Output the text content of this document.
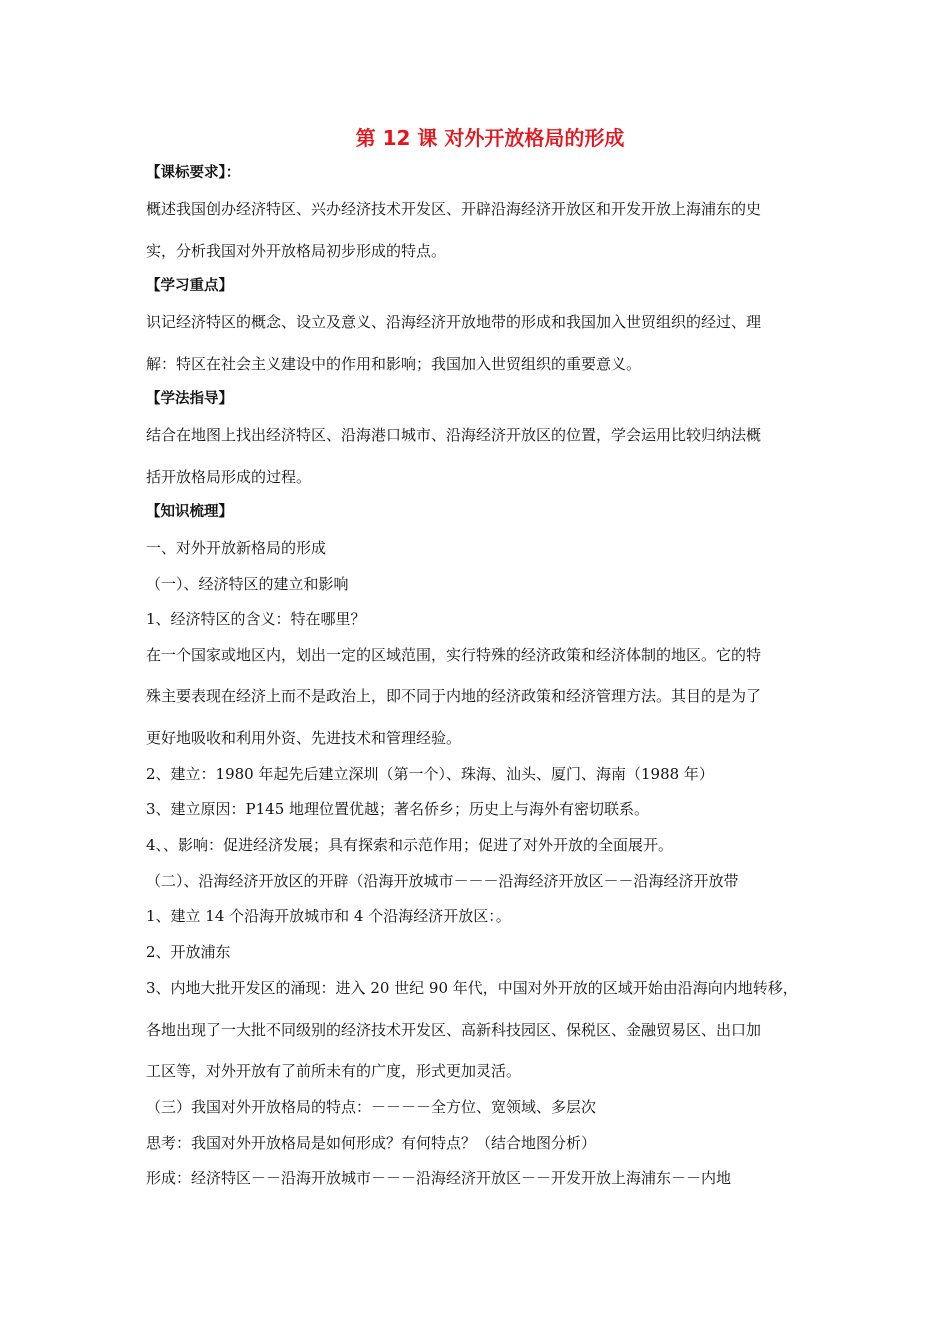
第 12 课 对外开放格局的形成
【课标要求】：
概述我国创办经济特区、兴办经济技术开发区、开辟沿海经济开放区和开发开放上海浦东的史
实，分析我国对外开放格局初步形成的特点。
【学习重点】
识记经济特区的概念、设立及意义、沿海经济开放地带的形成和我国加入世贸组织的经过、理
解：特区在社会主义建设中的作用和影响；我国加入世贸组织的重要意义。
【学法指导】
结合在地图上找出经济特区、沿海港口城市、沿海经济开放区的位置，学会运用比较归纳法概
括开放格局形成的过程。
【知识梳理】
一、对外开放新格局的形成
（一）、经济特区的建立和影响
1、经济特区的含义：特在哪里？
在一个国家或地区内，划出一定的区域范围，实行特殊的经济政策和经济体制的地区。它的特
殊主要表现在经济上而不是政治上，即不同于内地的经济政策和经济管理方法。其目的是为了
更好地吸收和利用外资、先进技术和管理经验。
2、建立：1980 年起先后建立深圳（第一个）、珠海、汕头、厦门、海南（1988 年）
3、建立原因：P145 地理位置优越；著名侨乡；历史上与海外有密切联系。
4、、影响：促进经济发展；具有探索和示范作用；促进了对外开放的全面展开。
（二）、沿海经济开放区的开辟（沿海开放城市－－－沿海经济开放区－－沿海经济开放带
1、建立 14 个沿海开放城市和 4 个沿海经济开放区：。
2、开放浦东
3、内地大批开发区的涌现：进入 20 世纪 90 年代，中国对外开放的区域开始由沿海向内地转移，
各地出现了一大批不同级别的经济技术开发区、高新科技园区、保税区、金融贸易区、出口加
工区等，对外开放有了前所未有的广度，形式更加灵活。
（三）我国对外开放格局的特点：－－－－全方位、宽领域、多层次
思考：我国对外开放格局是如何形成？有何特点？（结合地图分析）
形成：经济特区－－沿海开放城市－－－沿海经济开放区－－开发开放上海浦东－－内地
